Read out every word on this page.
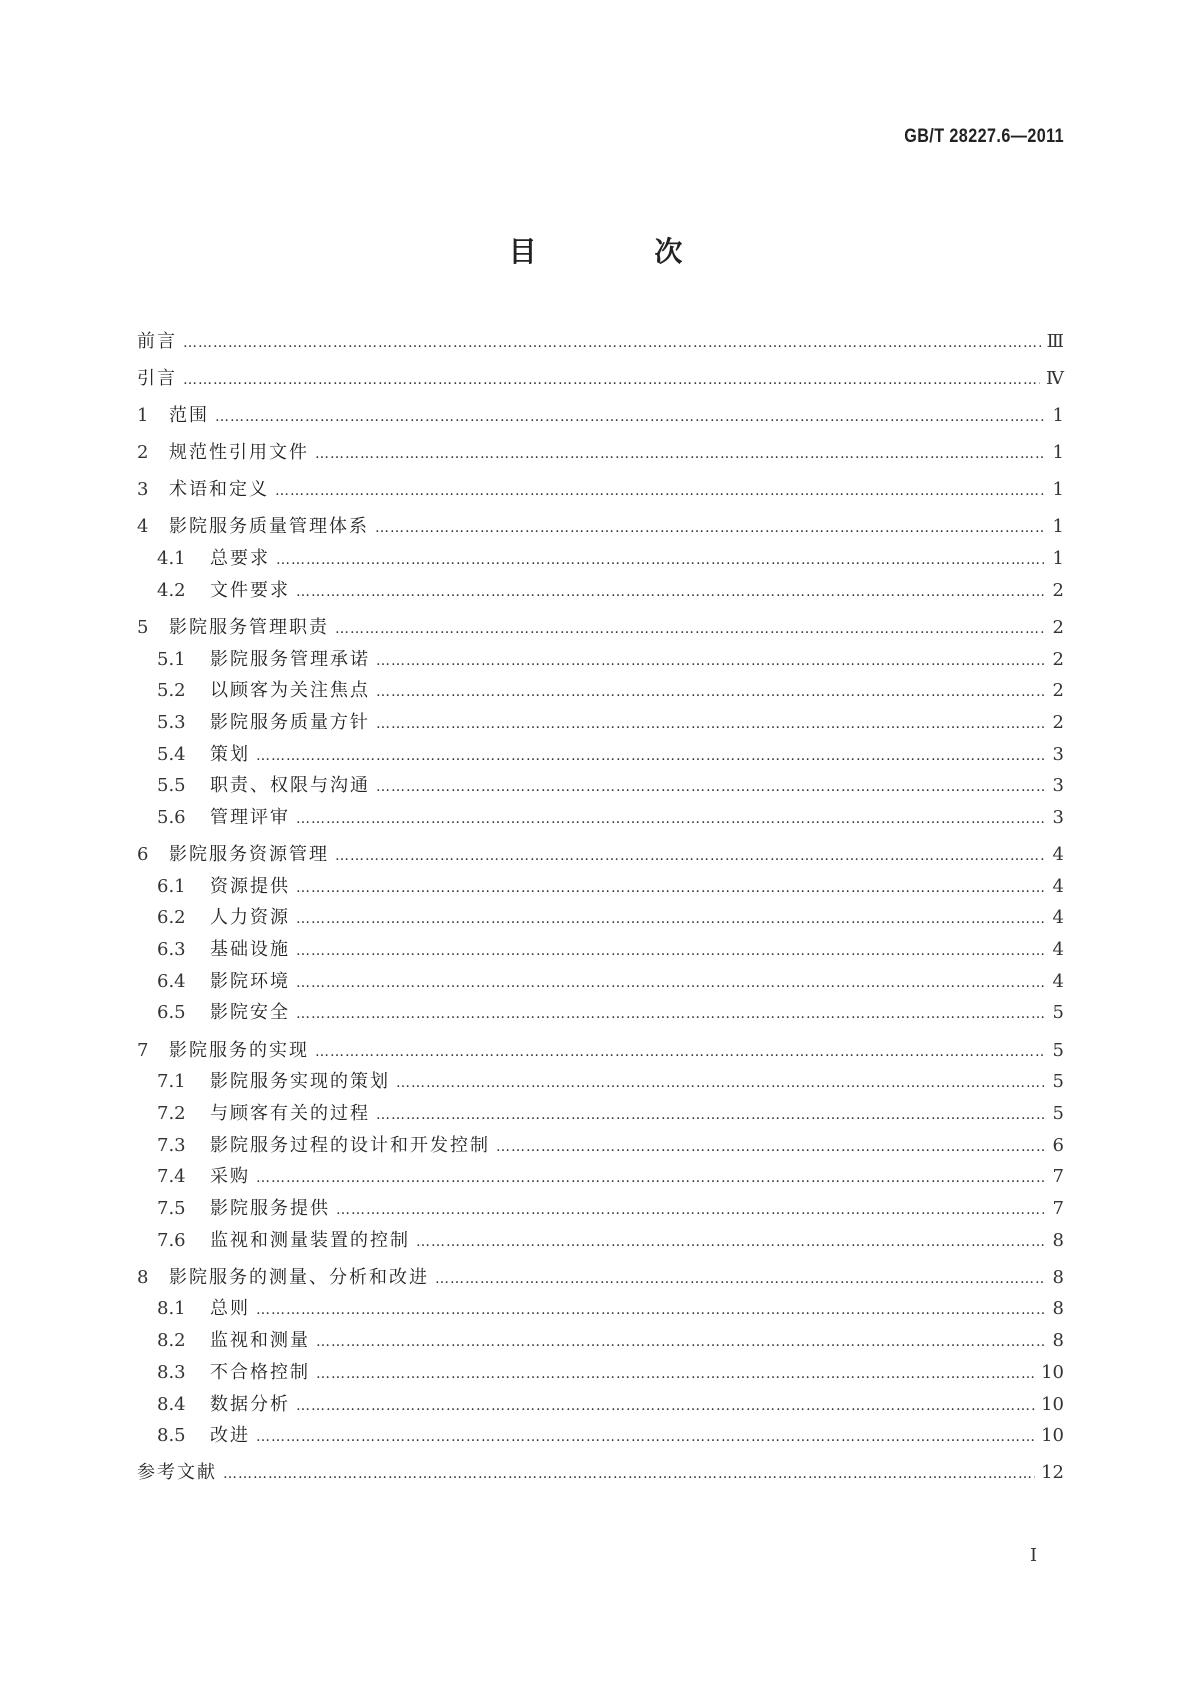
GB/T 28227.6—2011
目 次
前言 …………………………………………………………………………………………………………………………………………………………………………………………………	Ⅲ
引言 …………………………………………………………………………………………………………………………………………………………………………………………………	Ⅳ
1	范围 …………………………………………………………………………………………………………………………………………………………………………………………………	1
2	规范性引用文件 …………………………………………………………………………………………………………………………………………………………………………………………………	1
3	术语和定义 …………………………………………………………………………………………………………………………………………………………………………………………………	1
4	影院服务质量管理体系 …………………………………………………………………………………………………………………………………………………………………………………………………	1
4.1	总要求 …………………………………………………………………………………………………………………………………………………………………………………………………	1
4.2	文件要求 …………………………………………………………………………………………………………………………………………………………………………………………………	2
5	影院服务管理职责 …………………………………………………………………………………………………………………………………………………………………………………………………	2
5.1	影院服务管理承诺 …………………………………………………………………………………………………………………………………………………………………………………………………	2
5.2	以顾客为关注焦点 …………………………………………………………………………………………………………………………………………………………………………………………………	2
5.3	影院服务质量方针 …………………………………………………………………………………………………………………………………………………………………………………………………	2
5.4	策划 …………………………………………………………………………………………………………………………………………………………………………………………………	3
5.5	职责、权限与沟通 …………………………………………………………………………………………………………………………………………………………………………………………………	3
5.6	管理评审 …………………………………………………………………………………………………………………………………………………………………………………………………	3
6	影院服务资源管理 …………………………………………………………………………………………………………………………………………………………………………………………………	4
6.1	资源提供 …………………………………………………………………………………………………………………………………………………………………………………………………	4
6.2	人力资源 …………………………………………………………………………………………………………………………………………………………………………………………………	4
6.3	基础设施 …………………………………………………………………………………………………………………………………………………………………………………………………	4
6.4	影院环境 …………………………………………………………………………………………………………………………………………………………………………………………………	4
6.5	影院安全 …………………………………………………………………………………………………………………………………………………………………………………………………	5
7	影院服务的实现 …………………………………………………………………………………………………………………………………………………………………………………………………	5
7.1	影院服务实现的策划 …………………………………………………………………………………………………………………………………………………………………………………………………	5
7.2	与顾客有关的过程 …………………………………………………………………………………………………………………………………………………………………………………………………	5
7.3	影院服务过程的设计和开发控制 …………………………………………………………………………………………………………………………………………………………………………………………………	6
7.4	采购 …………………………………………………………………………………………………………………………………………………………………………………………………	7
7.5	影院服务提供 …………………………………………………………………………………………………………………………………………………………………………………………………	7
7.6	监视和测量装置的控制 …………………………………………………………………………………………………………………………………………………………………………………………………	8
8	影院服务的测量、分析和改进 …………………………………………………………………………………………………………………………………………………………………………………………………	8
8.1	总则 …………………………………………………………………………………………………………………………………………………………………………………………………	8
8.2	监视和测量 …………………………………………………………………………………………………………………………………………………………………………………………………	8
8.3	不合格控制 …………………………………………………………………………………………………………………………………………………………………………………………………	10
8.4	数据分析 …………………………………………………………………………………………………………………………………………………………………………………………………	10
8.5	改进 …………………………………………………………………………………………………………………………………………………………………………………………………	10
参考文献 …………………………………………………………………………………………………………………………………………………………………………………………………	12
Ⅰ
